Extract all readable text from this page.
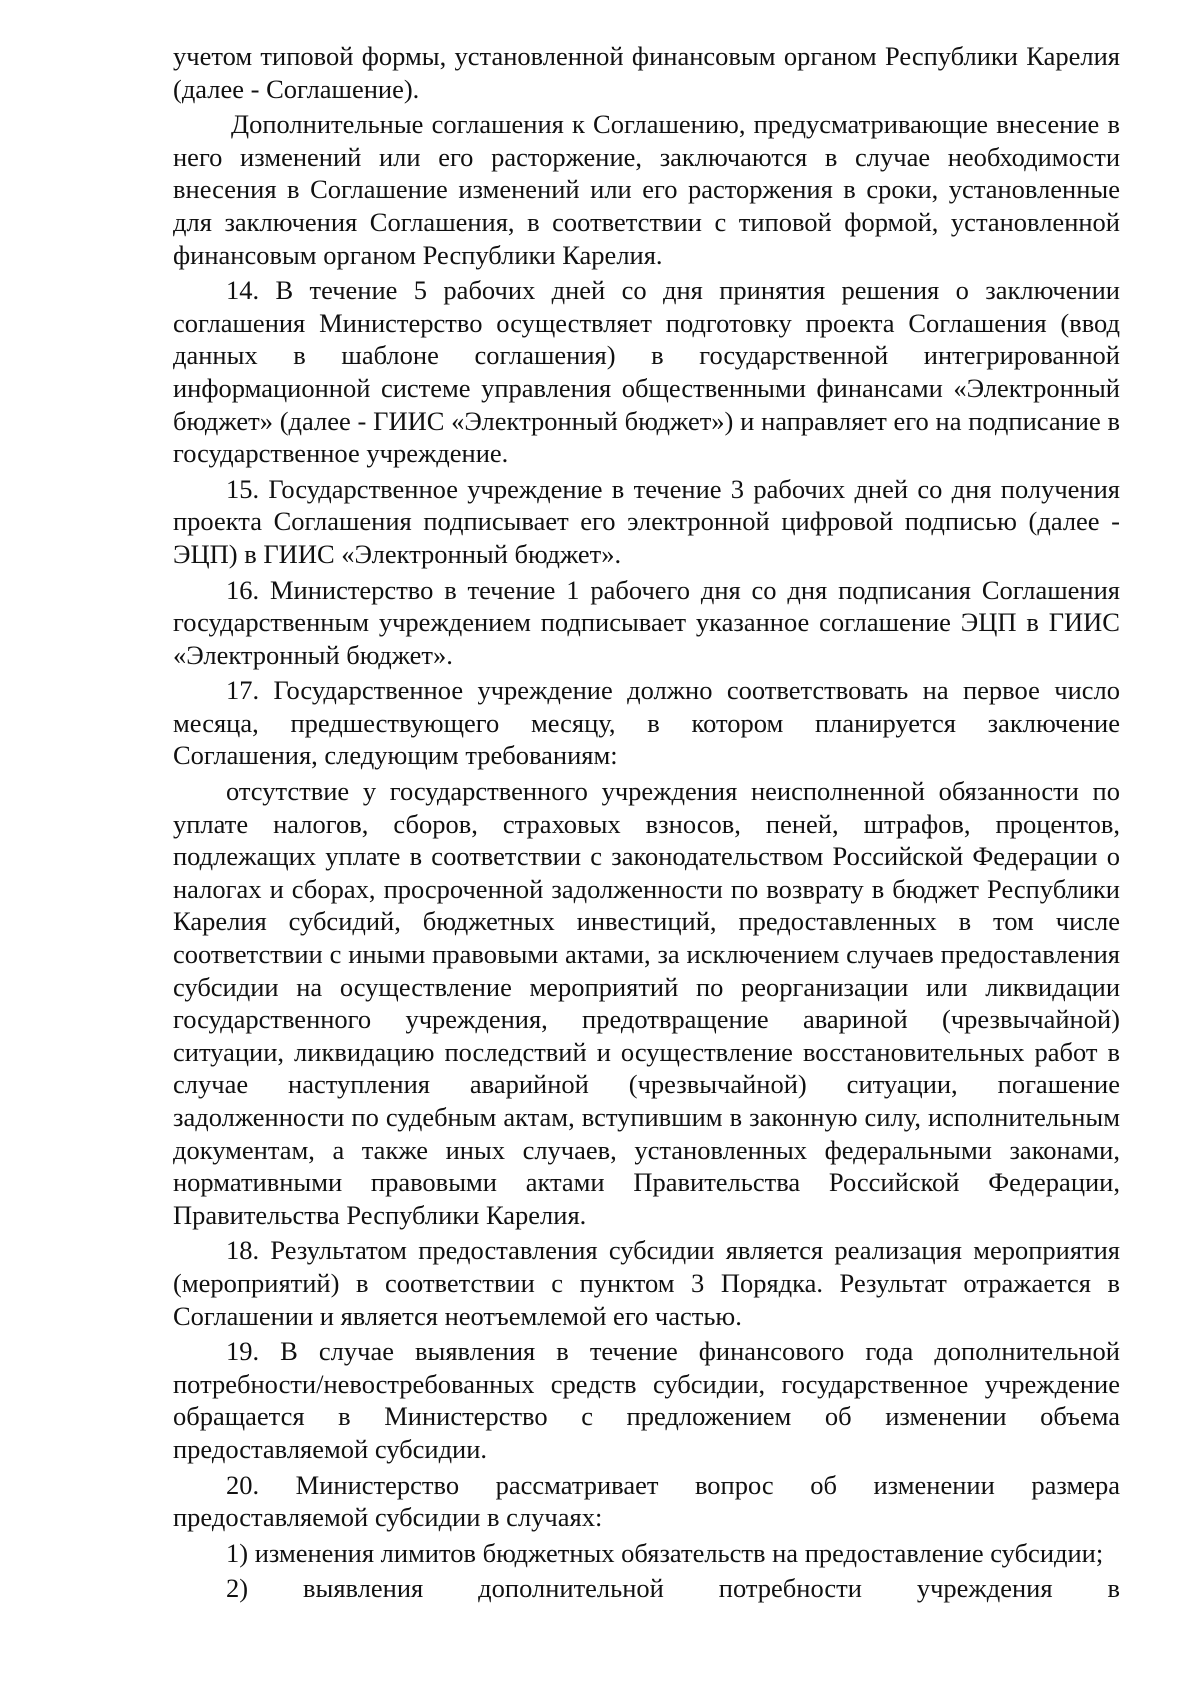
учетом типовой формы, установленной финансовым органом Республики Карелия (далее - Соглашение).

Дополнительные соглашения к Соглашению, предусматривающие внесение в него изменений или его расторжение, заключаются в случае необходимости внесения в Соглашение изменений или его расторжения в сроки, установленные для заключения Соглашения, в соответствии с типовой формой, установленной финансовым органом Республики Карелия.

14. В течение 5 рабочих дней со дня принятия решения о заключении соглашения Министерство осуществляет подготовку проекта Соглашения (ввод данных в шаблоне соглашения) в государственной интегрированной информационной системе управления общественными финансами «Электронный бюджет» (далее - ГИИС «Электронный бюджет») и направляет его на подписание в государственное учреждение.

15. Государственное учреждение в течение 3 рабочих дней со дня получения проекта Соглашения подписывает его электронной цифровой подписью (далее - ЭЦП) в ГИИС «Электронный бюджет».

16. Министерство в течение 1 рабочего дня со дня подписания Соглашения государственным учреждением подписывает указанное соглашение ЭЦП в ГИИС «Электронный бюджет».

17. Государственное учреждение должно соответствовать на первое число месяца, предшествующего месяцу, в котором планируется заключение Соглашения, следующим требованиям:

отсутствие у государственного учреждения неисполненной обязанности по уплате налогов, сборов, страховых взносов, пеней, штрафов, процентов, подлежащих уплате в соответствии с законодательством Российской Федерации о налогах и сборах, просроченной задолженности по возврату в бюджет Республики Карелия субсидий, бюджетных инвестиций, предоставленных в том числе соответствии с иными правовыми актами, за исключением случаев предоставления субсидии на осуществление мероприятий по реорганизации или ликвидации государственного учреждения, предотвращение авариной (чрезвычайной) ситуации, ликвидацию последствий и осуществление восстановительных работ в случае наступления аварийной (чрезвычайной) ситуации, погашение задолженности по судебным актам, вступившим в законную силу, исполнительным документам, а также иных случаев, установленных федеральными законами, нормативными правовыми актами Правительства Российской Федерации, Правительства Республики Карелия.

18. Результатом предоставления субсидии является реализация мероприятия (мероприятий) в соответствии с пунктом 3 Порядка. Результат отражается в Соглашении и является неотъемлемой его частью.

19. В случае выявления в течение финансового года дополнительной потребности/невостребованных средств субсидии, государственное учреждение обращается в Министерство с предложением об изменении объема предоставляемой субсидии.

20. Министерство рассматривает вопрос об изменении размера предоставляемой субсидии в случаях:

1) изменения лимитов бюджетных обязательств на предоставление субсидии;

2) выявления дополнительной потребности учреждения в
